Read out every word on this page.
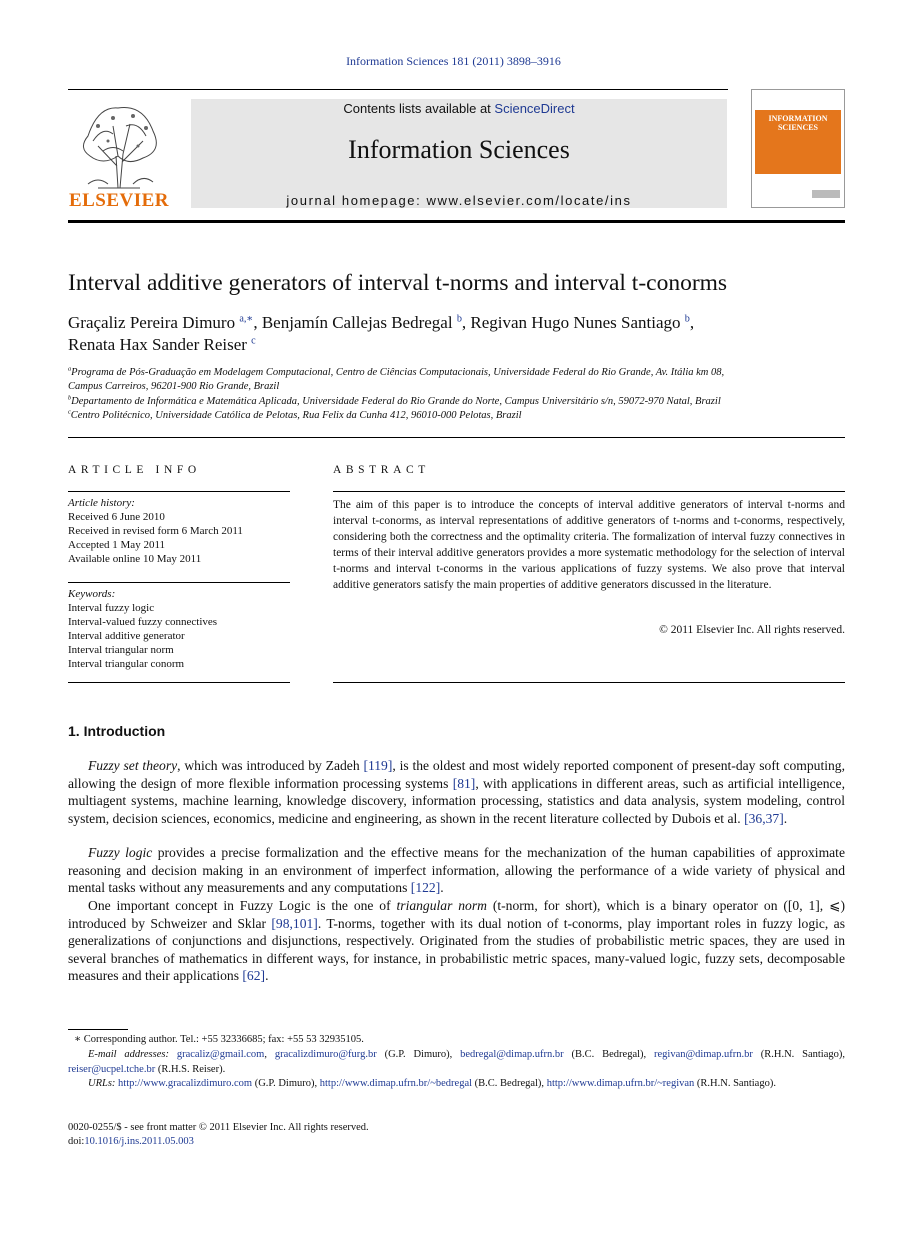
Information Sciences 181 (2011) 3898–3916
ELSEVIER
Contents lists available at ScienceDirect
Information Sciences
journal homepage: www.elsevier.com/locate/ins
INFORMATION SCIENCES
Interval additive generators of interval t-norms and interval t-conorms
Graçaliz Pereira Dimuro $^{a,∗}$, Benjamín Callejas Bedregal $^b$, Regivan Hugo Nunes Santiago $^b$,
Renata Hax Sander Reiser $^c$
$^a$Programa de Pós-Graduação em Modelagem Computacional, Centro de Ciências Computacionais, Universidade Federal do Rio Grande, Av. Itália km 08,
Campus Carreiros, 96201-900 Rio Grande, Brazil
$^b$Departamento de Informática e Matemática Aplicada, Universidade Federal do Rio Grande do Norte, Campus Universitário s/n, 59072-970 Natal, Brazil
$^c$Centro Politécnico, Universidade Católica de Pelotas, Rua Felix da Cunha 412, 96010-000 Pelotas, Brazil
ARTICLE INFO
Article history:
Received 6 June 2010
Received in revised form 6 March 2011
Accepted 1 May 2011
Available online 10 May 2011
Keywords:
Interval fuzzy logic
Interval-valued fuzzy connectives
Interval additive generator
Interval triangular norm
Interval triangular conorm
ABSTRACT
The aim of this paper is to introduce the concepts of interval additive generators of interval t-norms and interval t-conorms, as interval representations of additive generators of t-norms and t-conorms, respectively, considering both the correctness and the optimality criteria. The formalization of interval fuzzy connectives in terms of their interval additive generators provides a more systematic methodology for the selection of interval t-norms and interval t-conorms in the various applications of fuzzy systems. We also prove that interval additive generators satisfy the main properties of additive generators discussed in the literature.
© 2011 Elsevier Inc. All rights reserved.
1. Introduction

Fuzzy set theory, which was introduced by Zadeh [119], is the oldest and most widely reported component of present-day soft computing, allowing the design of more flexible information processing systems [81], with applications in different areas, such as artificial intelligence, multiagent systems, machine learning, knowledge discovery, information processing, statistics and data analysis, system modeling, control system, decision sciences, economics, medicine and engineering, as shown in the recent literature collected by Dubois et al. [36,37].

Fuzzy logic provides a precise formalization and the effective means for the mechanization of the human capabilities of approximate reasoning and decision making in an environment of imperfect information, allowing the performance of a wide variety of physical and mental tasks without any measurements and any computations [122].

One important concept in Fuzzy Logic is the one of triangular norm (t-norm, for short), which is a binary operator on ([0, 1], ⩽) introduced by Schweizer and Sklar [98,101]. T-norms, together with its dual notion of t-conorms, play important roles in fuzzy logic, as generalizations of conjunctions and disjunctions, respectively. Originated from the studies of probabilistic metric spaces, they are used in several branches of mathematics in different ways, for instance, in probabilistic metric spaces, many-valued logic, fuzzy sets, decomposable measures and their applications [62].

∗ Corresponding author. Tel.: +55 32336685; fax: +55 53 32935105.
E-mail addresses: gracaliz@gmail.com, gracalizdimuro@furg.br (G.P. Dimuro), bedregal@dimap.ufrn.br (B.C. Bedregal), regivan@dimap.ufrn.br (R.H.N. Santiago), reiser@ucpel.tche.br (R.H.S. Reiser).
URLs: http://www.gracalizdimuro.com (G.P. Dimuro), http://www.dimap.ufrn.br/~bedregal (B.C. Bedregal), http://www.dimap.ufrn.br/~regivan (R.H.N. Santiago).
0020-0255/$ - see front matter © 2011 Elsevier Inc. All rights reserved.
doi:10.1016/j.ins.2011.05.003
